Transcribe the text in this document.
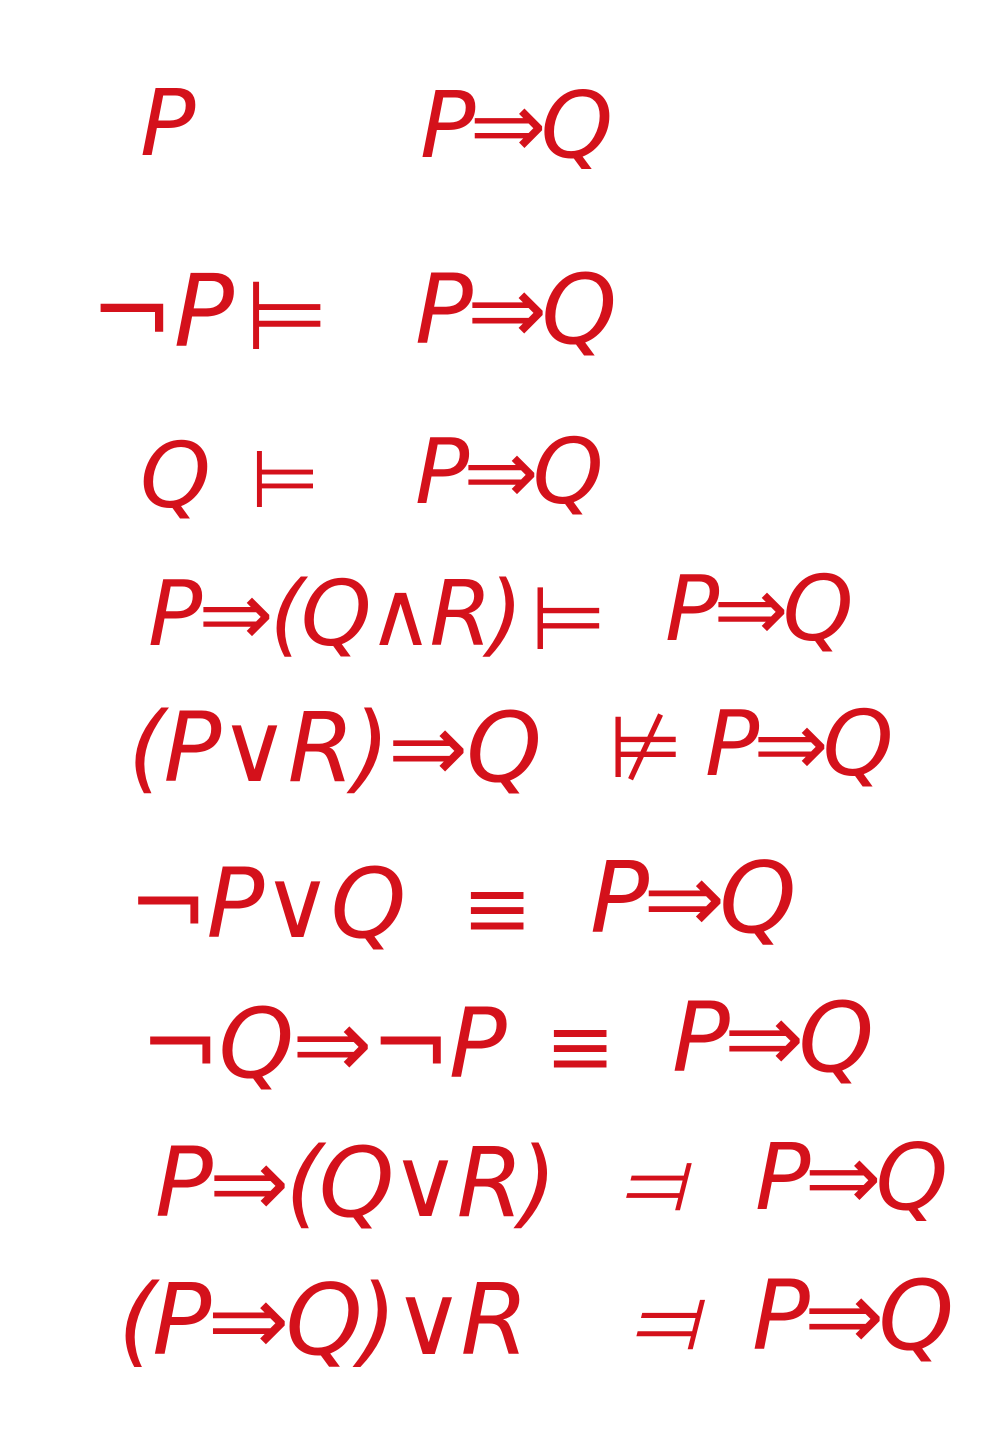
P P⇒Q
¬P ⊨ P⇒Q
Q ⊨ P⇒Q
P⇒(Q∧R) ⊨ P⇒Q
(P∨R)⇒Q ⊭ P⇒Q
¬P∨Q ≡ P⇒Q
¬Q⇒¬P ≡ P⇒Q
P⇒(Q∨R) ⫤ P⇒Q
(P⇒Q)∨R ⫤ P⇒Q
